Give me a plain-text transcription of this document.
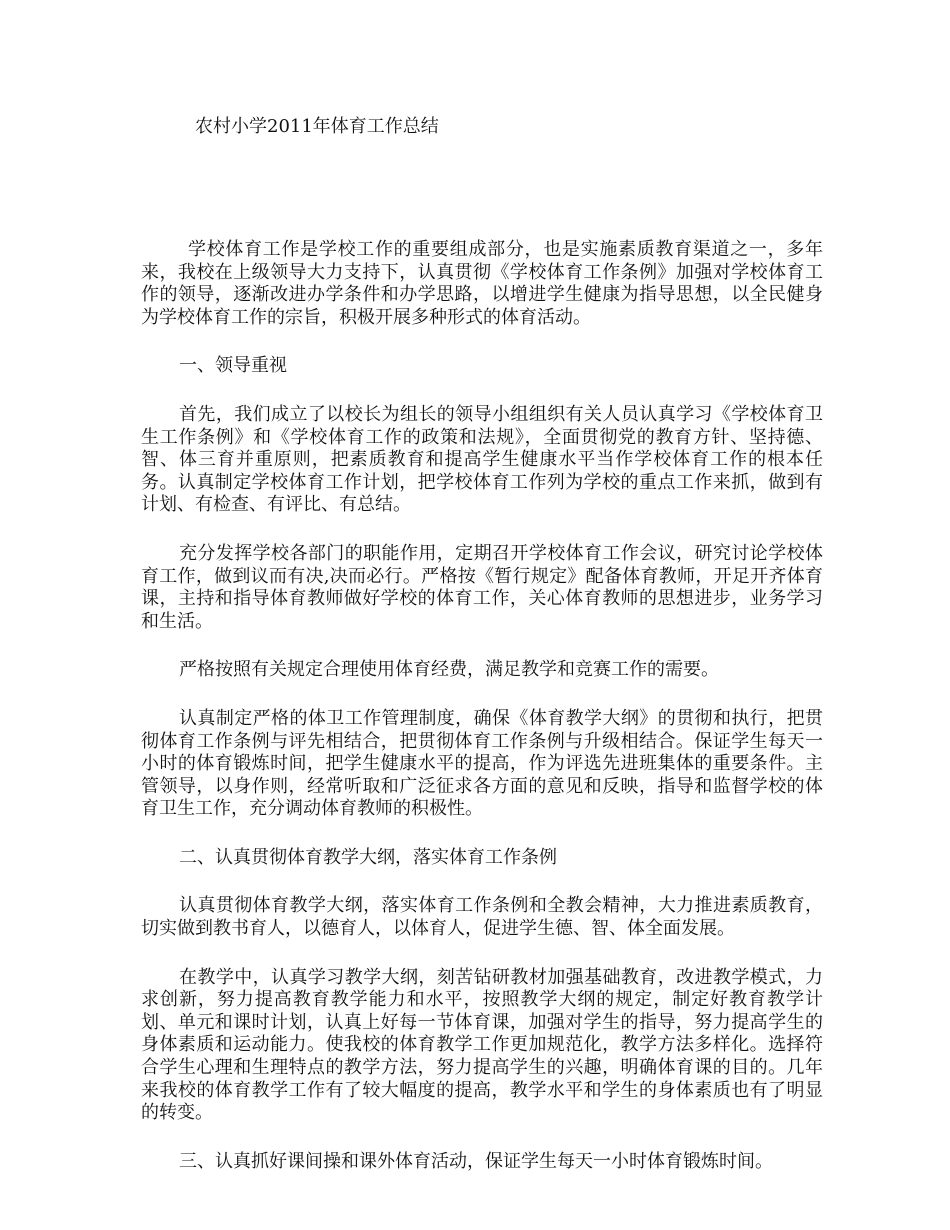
农村小学2011年体育工作总结

学校体育工作是学校工作的重要组成部分，也是实施素质教育渠道之一，多年来，我校在上级领导大力支持下，认真贯彻《学校体育工作条例》加强对学校体育工作的领导，逐渐改进办学条件和办学思路，以增进学生健康为指导思想，以全民健身为学校体育工作的宗旨，积极开展多种形式的体育活动。

一、领导重视

首先，我们成立了以校长为组长的领导小组组织有关人员认真学习《学校体育卫生工作条例》和《学校体育工作的政策和法规》，全面贯彻党的教育方针、坚持德、智、体三育并重原则，把素质教育和提高学生健康水平当作学校体育工作的根本任务。认真制定学校体育工作计划，把学校体育工作列为学校的重点工作来抓，做到有计划、有检查、有评比、有总结。

充分发挥学校各部门的职能作用，定期召开学校体育工作会议，研究讨论学校体育工作，做到议而有决,决而必行。严格按《暂行规定》配备体育教师，开足开齐体育课，主持和指导体育教师做好学校的体育工作，关心体育教师的思想进步，业务学习和生活。

严格按照有关规定合理使用体育经费，满足教学和竞赛工作的需要。

认真制定严格的体卫工作管理制度，确保《体育教学大纲》的贯彻和执行，把贯彻体育工作条例与评先相结合，把贯彻体育工作条例与升级相结合。保证学生每天一小时的体育锻炼时间，把学生健康水平的提高，作为评选先进班集体的重要条件。主管领导，以身作则，经常听取和广泛征求各方面的意见和反映，指导和监督学校的体育卫生工作，充分调动体育教师的积极性。

二、认真贯彻体育教学大纲，落实体育工作条例

认真贯彻体育教学大纲，落实体育工作条例和全教会精神，大力推进素质教育，切实做到教书育人，以德育人，以体育人，促进学生德、智、体全面发展。

在教学中，认真学习教学大纲，刻苦钻研教材加强基础教育，改进教学模式，力求创新，努力提高教育教学能力和水平，按照教学大纲的规定，制定好教育教学计划、单元和课时计划，认真上好每一节体育课，加强对学生的指导，努力提高学生的身体素质和运动能力。使我校的体育教学工作更加规范化，教学方法多样化。选择符合学生心理和生理特点的教学方法，努力提高学生的兴趣，明确体育课的目的。几年来我校的体育教学工作有了较大幅度的提高，教学水平和学生的身体素质也有了明显的转变。

三、认真抓好课间操和课外体育活动，保证学生每天一小时体育锻炼时间。
